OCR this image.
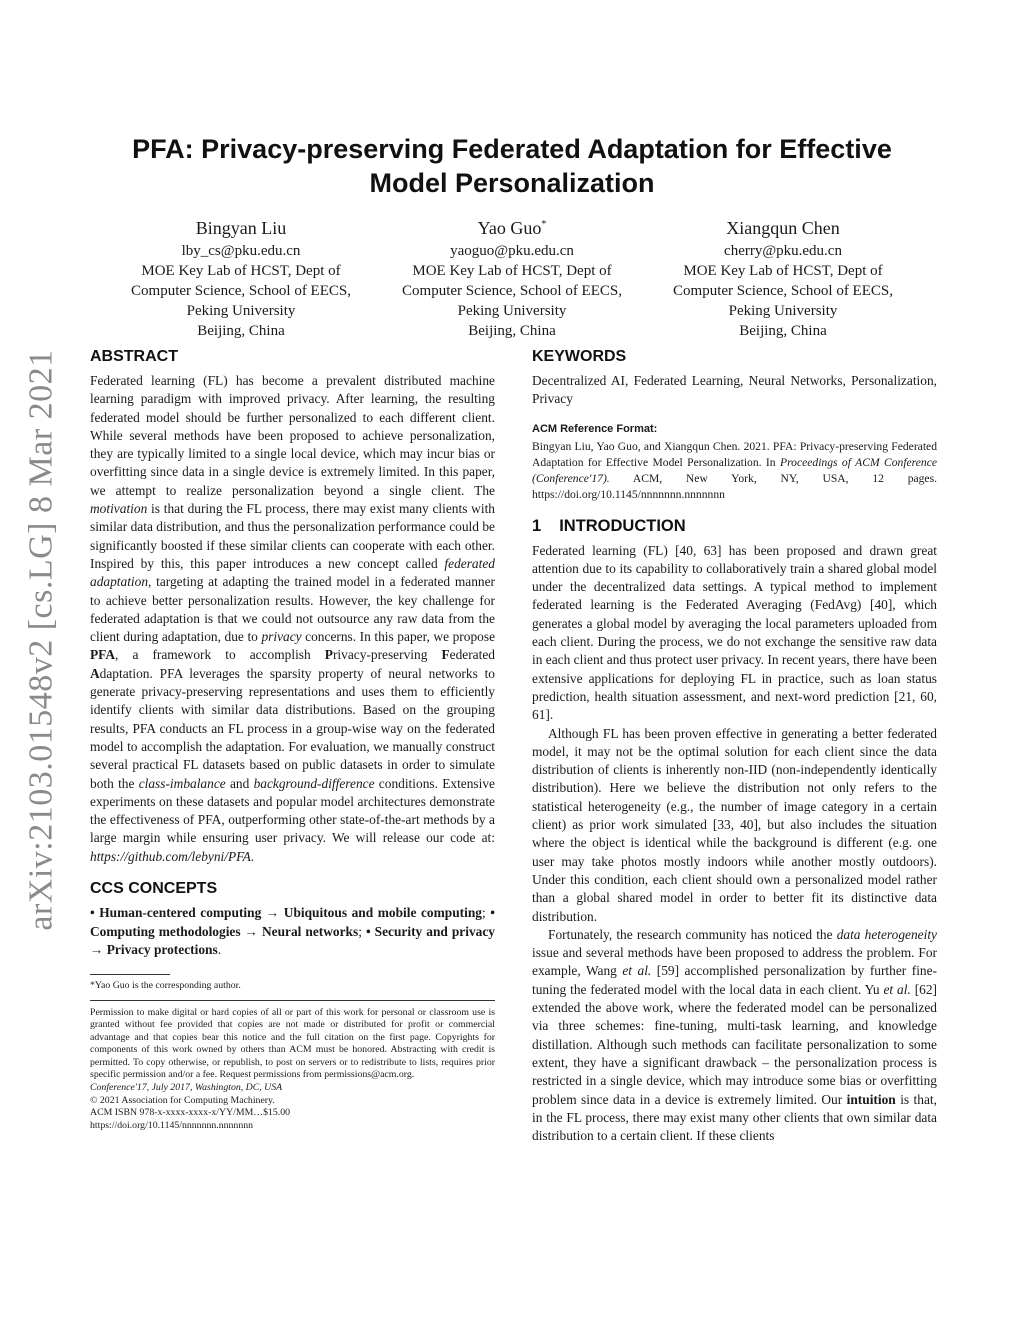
arXiv:2103.01548v2 [cs.LG] 8 Mar 2021
PFA: Privacy-preserving Federated Adaptation for Effective
Model Personalization
Bingyan Liu
lby_cs@pku.edu.cn
MOE Key Lab of HCST, Dept of
Computer Science, School of EECS,
Peking University
Beijing, China
Yao Guo*
yaoguo@pku.edu.cn
MOE Key Lab of HCST, Dept of
Computer Science, School of EECS,
Peking University
Beijing, China
Xiangqun Chen
cherry@pku.edu.cn
MOE Key Lab of HCST, Dept of
Computer Science, School of EECS,
Peking University
Beijing, China
ABSTRACT

Federated learning (FL) has become a prevalent distributed machine learning paradigm with improved privacy. After learning, the resulting federated model should be further personalized to each different client. While several methods have been proposed to achieve personalization, they are typically limited to a single local device, which may incur bias or overfitting since data in a single device is extremely limited. In this paper, we attempt to realize personalization beyond a single client. The motivation is that during the FL process, there may exist many clients with similar data distribution, and thus the personalization performance could be significantly boosted if these similar clients can cooperate with each other. Inspired by this, this paper introduces a new concept called federated adaptation, targeting at adapting the trained model in a federated manner to achieve better personalization results. However, the key challenge for federated adaptation is that we could not outsource any raw data from the client during adaptation, due to privacy concerns. In this paper, we propose PFA, a framework to accomplish Privacy-preserving Federated Adaptation. PFA leverages the sparsity property of neural networks to generate privacy-preserving representations and uses them to efficiently identify clients with similar data distributions. Based on the grouping results, PFA conducts an FL process in a group-wise way on the federated model to accomplish the adaptation. For evaluation, we manually construct several practical FL datasets based on public datasets in order to simulate both the class-imbalance and background-difference conditions. Extensive experiments on these datasets and popular model architectures demonstrate the effectiveness of PFA, outperforming other state-of-the-art methods by a large margin while ensuring user privacy. We will release our code at: https://github.com/lebyni/PFA.

CCS CONCEPTS

• Human-centered computing → Ubiquitous and mobile computing; • Computing methodologies → Neural networks; • Security and privacy → Privacy protections.

*Yao Guo is the corresponding author.

Permission to make digital or hard copies of all or part of this work for personal or classroom use is granted without fee provided that copies are not made or distributed for profit or commercial advantage and that copies bear this notice and the full citation on the first page. Copyrights for components of this work owned by others than ACM must be honored. Abstracting with credit is permitted. To copy otherwise, or republish, to post on servers or to redistribute to lists, requires prior specific permission and/or a fee. Request permissions from permissions@acm.org.

Conference'17, July 2017, Washington, DC, USA

© 2021 Association for Computing Machinery.

ACM ISBN 978-x-xxxx-xxxx-x/YY/MM…$15.00

https://doi.org/10.1145/nnnnnnn.nnnnnnn

KEYWORDS

Decentralized AI, Federated Learning, Neural Networks, Personalization, Privacy

ACM Reference Format:

Bingyan Liu, Yao Guo, and Xiangqun Chen. 2021. PFA: Privacy-preserving Federated Adaptation for Effective Model Personalization. In Proceedings of ACM Conference (Conference'17). ACM, New York, NY, USA, 12 pages. https://doi.org/10.1145/nnnnnnn.nnnnnnn

1 INTRODUCTION

Federated learning (FL) [40, 63] has been proposed and drawn great attention due to its capability to collaboratively train a shared global model under the decentralized data settings. A typical method to implement federated learning is the Federated Averaging (FedAvg) [40], which generates a global model by averaging the local parameters uploaded from each client. During the process, we do not exchange the sensitive raw data in each client and thus protect user privacy. In recent years, there have been extensive applications for deploying FL in practice, such as loan status prediction, health situation assessment, and next-word prediction [21, 60, 61].

Although FL has been proven effective in generating a better federated model, it may not be the optimal solution for each client since the data distribution of clients is inherently non-IID (non-independently identically distribution). Here we believe the distribution not only refers to the statistical heterogeneity (e.g., the number of image category in a certain client) as prior work simulated [33, 40], but also includes the situation where the object is identical while the background is different (e.g. one user may take photos mostly indoors while another mostly outdoors). Under this condition, each client should own a personalized model rather than a global shared model in order to better fit its distinctive data distribution.

Fortunately, the research community has noticed the data heterogeneity issue and several methods have been proposed to address the problem. For example, Wang et al. [59] accomplished personalization by further fine-tuning the federated model with the local data in each client. Yu et al. [62] extended the above work, where the federated model can be personalized via three schemes: fine-tuning, multi-task learning, and knowledge distillation. Although such methods can facilitate personalization to some extent, they have a significant drawback – the personalization process is restricted in a single device, which may introduce some bias or overfitting problem since data in a device is extremely limited. Our intuition is that, in the FL process, there may exist many other clients that own similar data distribution to a certain client. If these clients
